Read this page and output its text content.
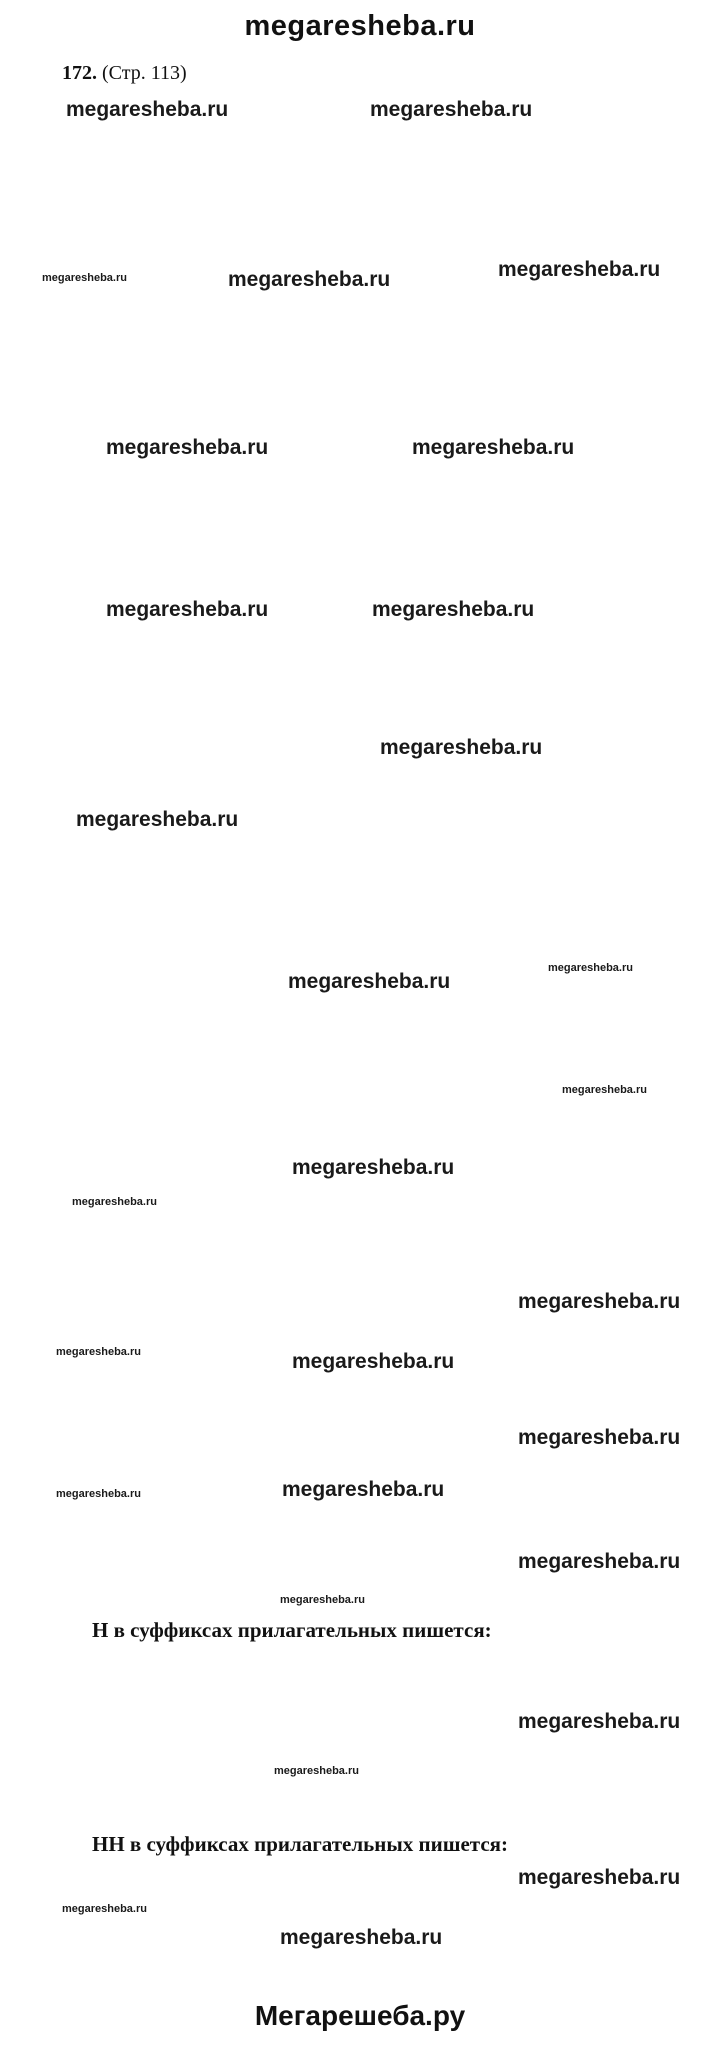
megaresheba.ru
172. (Стр. 113)
megaresheba.ru	megaresheba.ru
megaresheba.ru	megaresheba.ru	megaresheba.ru
megaresheba.ru	megaresheba.ru
megaresheba.ru	megaresheba.ru
megaresheba.ru
megaresheba.ru
megaresheba.ru
megaresheba.ru
megaresheba.ru
megaresheba.ru
megaresheba.ru
megaresheba.ru
megaresheba.ru	megaresheba.ru
megaresheba.ru
megaresheba.ru	megaresheba.ru
megaresheba.ru
megaresheba.ru
megaresheba.ru
megaresheba.ru
megaresheba.ru
megaresheba.ru
megaresheba.ru
Н в суффиксах прилагательных пишется:
НН в суффиксах прилагательных пишется:
Мегарешеба.ру
